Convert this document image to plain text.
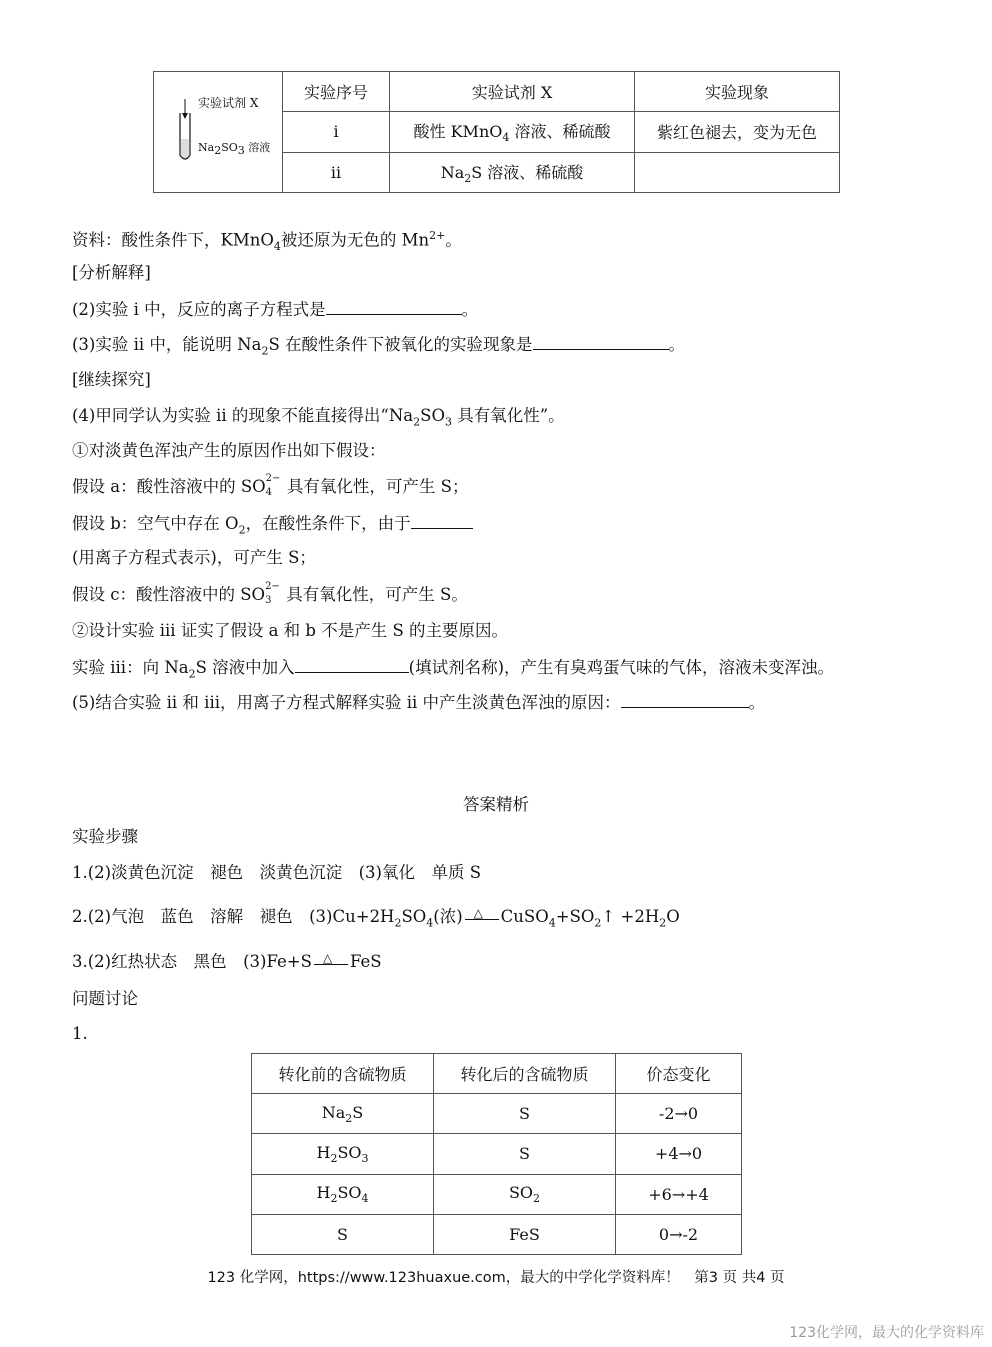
实验试剂 X
$Na_2SO_3$ 溶液	实验序号	实验试剂 X	实验现象
	i	酸性 KMnO$_4$ 溶液、稀硫酸	紫红色褪去，变为无色
	ii	$Na_2S$ 溶液、稀硫酸	
资料：酸性条件下，KMnO$_4$被还原为无色的 $Mn^{2+}$。
[分析解释]
(2)实验 i 中，反应的离子方程式是	。
(3)实验 ii 中，能说明 $Na_2S$ 在酸性条件下被氧化的实验现象是	。
[继续探究]
(4)甲同学认为实验 ii 的现象不能直接得出“$Na_2SO_3$ 具有氧化性”。
①对淡黄色浑浊产生的原因作出如下假设：
假设 a：酸性溶液中的 SO 2−
4 具有氧化性，可产生 S；
假设 b：空气中存在 $O_2$，在酸性条件下，由于
(用离子方程式表示)，可产生 S；
假设 c：酸性溶液中的 SO 2−
3 具有氧化性，可产生 S。
②设计实验 iii 证实了假设 a 和 b 不是产生 S 的主要原因。
实验 iii：向 $Na_2S$ 溶液中加入	(填试剂名称)，产生有臭鸡蛋气味的气体，溶液未变浑浊。
(5)结合实验 ii 和 iii，用离子方程式解释实验 ii 中产生淡黄色浑浊的原因：	。
答案精析
实验步骤
1.(2)淡黄色沉淀　褪色　淡黄色沉淀　(3)氧化　单质 S
2.(2)气泡　蓝色　溶解　褪色　$(3)Cu+2H_2SO_4$(浓) △ $CuSO_4+SO_2↑ +2H_2O$
3.(2)红热状态　黑色　(3)Fe+S △ FeS
问题讨论
1.
转化前的含硫物质	转化后的含硫物质	价态变化
$Na_2S$	S	-2→0
$H_2SO_3$	S	+4→0
$H_2SO_4$	$SO_2$	+6→+4
S	FeS	0→-2
123 化学网，https://www.123huaxue.com，最大的中学化学资料库！　第3 页 共4 页
123化学网，最大的化学资料库
